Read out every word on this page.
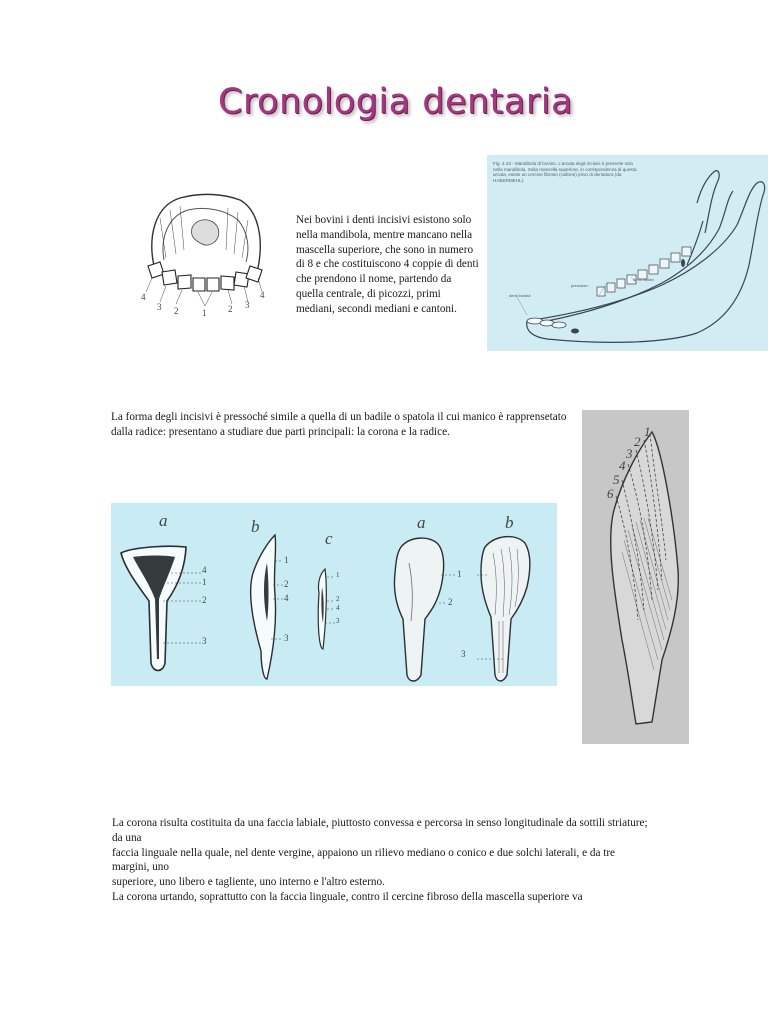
Cronologia dentaria
4
3 2	1 2 3
4
Nei bovini i denti incisivi esistono solo nella mandibola, mentre mancano nella mascella superiore, che sono in numero di 8 e che costituiscono 4 coppie di denti che prendono il nome, partendo da quella centrale, di picozzi, primi mediani, secondi mediani e cantoni.
Fig. 4.43 - Mandibola di bovino. L'arcata degli incisivi è presente solo nella mandibola. Sulla mascella superiore, in corrispondenza di questa arcata, esiste un cercine fibroso (callone) privo di dentatura (da HABERMEHL).
denti incisivi
premolari
denti molari
La forma degli incisivi è pressoché simile a quella di un badile o spatola il cui manico è rapprensetato dalla radice: presentano a studiare due parti principali: la corona e la radice.
a	b
c
a	b
4
1
2
3
1
2
4
3
1
2
4
3
1
2
3
1
2
3
4
5
6

La corona risulta costituita da una faccia labiale, piuttosto convessa e percorsa in senso longitudinale da sottili striature; da una

faccia linguale nella quale, nel dente vergine, appaiono un rilievo mediano o conico e due solchi laterali, e da tre margini, uno

superiore, uno libero e tagliente, uno interno e l'altro esterno.

La corona urtando, soprattutto con la faccia linguale, contro il cercine fibroso della mascella superiore va
